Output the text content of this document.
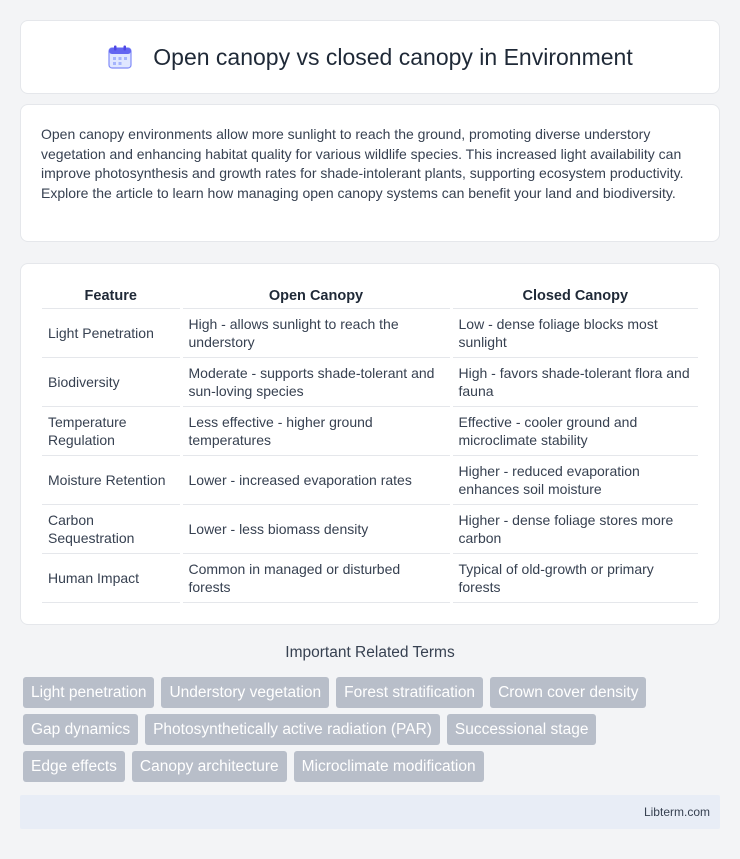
Open canopy vs closed canopy in Environment

Open canopy environments allow more sunlight to reach the ground, promoting diverse understory vegetation and enhancing habitat quality for various wildlife species. This increased light availability can improve photosynthesis and growth rates for shade-intolerant plants, supporting ecosystem productivity. Explore the article to learn how managing open canopy systems can benefit your land and biodiversity.

Feature	Open Canopy	Closed Canopy
Light Penetration	High - allows sunlight to reach the understory	Low - dense foliage blocks most sunlight
Biodiversity	Moderate - supports shade-tolerant and sun-loving species	High - favors shade-tolerant flora and fauna
Temperature Regulation	Less effective - higher ground temperatures	Effective - cooler ground and microclimate stability
Moisture Retention	Lower - increased evaporation rates	Higher - reduced evaporation enhances soil moisture
Carbon Sequestration	Lower - less biomass density	Higher - dense foliage stores more carbon
Human Impact	Common in managed or disturbed forests	Typical of old-growth or primary forests
Important Related Terms
Light penetration	Understory vegetation	Forest stratification	Crown cover density
Gap dynamics	Photosynthetically active radiation (PAR)	Successional stage
Edge effects	Canopy architecture	Microclimate modification
Libterm.com
